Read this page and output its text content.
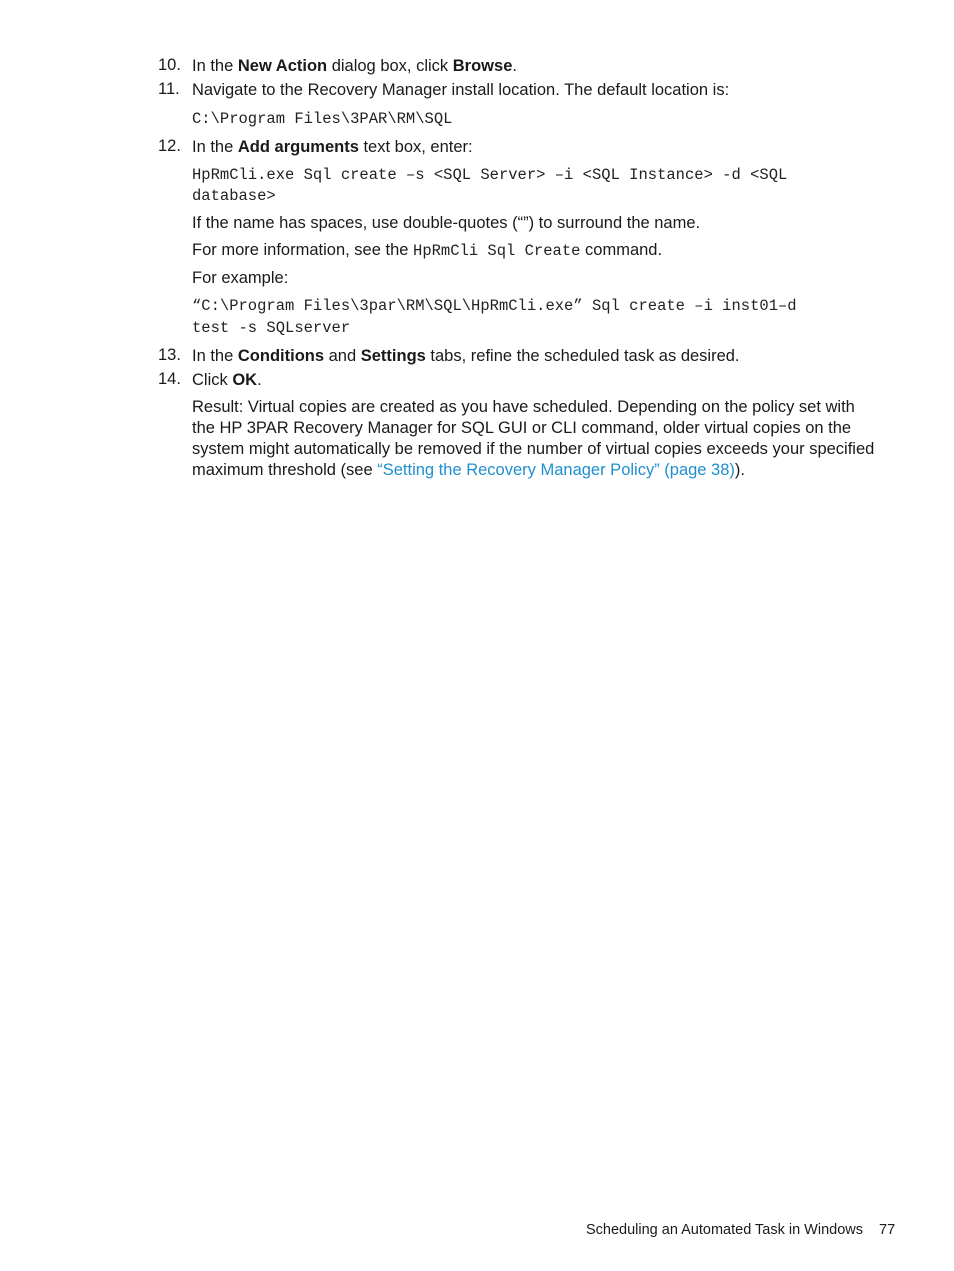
10. In the New Action dialog box, click Browse.
11. Navigate to the Recovery Manager install location. The default location is:
C:\Program Files\3PAR\RM\SQL
12. In the Add arguments text box, enter:
HpRmCli.exe Sql create –s <SQL Server> –i <SQL Instance> -d <SQL
database>
If the name has spaces, use double-quotes (“”) to surround the name.
For more information, see the HpRmCli Sql Create command.
For example:
“C:\Program Files\3par\RM\SQL\HpRmCli.exe” Sql create –i inst01–d
test -s SQLserver
13. In the Conditions and Settings tabs, refine the scheduled task as desired.
14. Click OK.
Result: Virtual copies are created as you have scheduled. Depending on the policy set with
the HP 3PAR Recovery Manager for SQL GUI or CLI command, older virtual copies on the
system might automatically be removed if the number of virtual copies exceeds your specified
maximum threshold (see “Setting the Recovery Manager Policy” (page 38)).
Scheduling an Automated Task in Windows 77
